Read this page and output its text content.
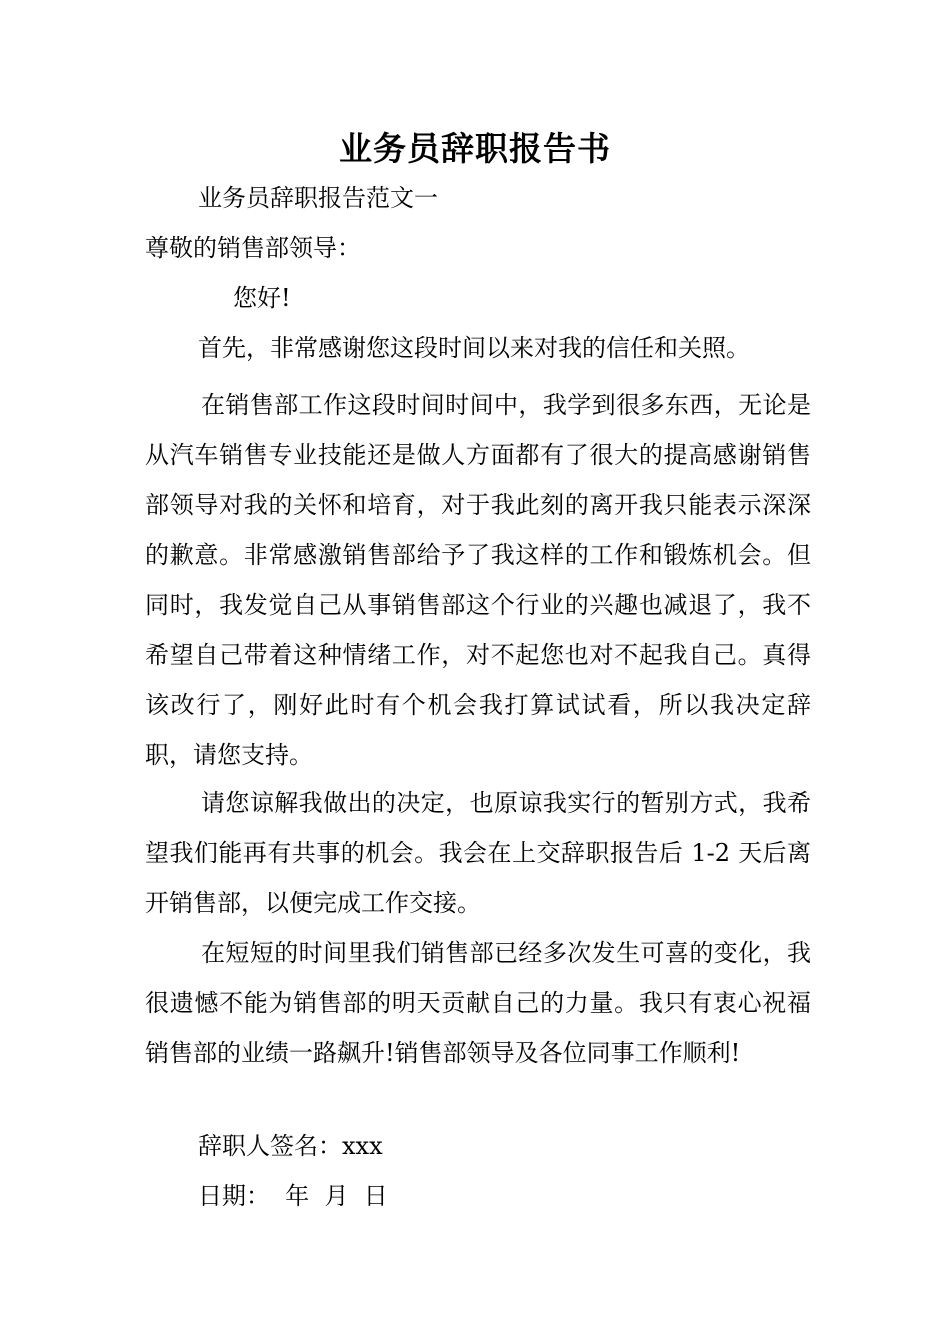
业务员辞职报告书
业务员辞职报告范文一
尊敬的销售部领导：
您好!
首先，非常感谢您这段时间以来对我的信任和关照。
在销售部工作这段时间时间中，我学到很多东西，无论是从汽车销售专业技能还是做人方面都有了很大的提高感谢销售部领导对我的关怀和培育，对于我此刻的离开我只能表示深深的歉意。非常感激销售部给予了我这样的工作和锻炼机会。但同时，我发觉自己从事销售部这个行业的兴趣也减退了，我不希望自己带着这种情绪工作，对不起您也对不起我自己。真得该改行了，刚好此时有个机会我打算试试看，所以我决定辞职，请您支持。
请您谅解我做出的决定，也原谅我实行的暂别方式，我希望我们能再有共事的机会。我会在上交辞职报告后 1-2 天后离开销售部，以便完成工作交接。
在短短的时间里我们销售部已经多次发生可喜的变化，我很遗憾不能为销售部的明天贡献自己的力量。我只有衷心祝福销售部的业绩一路飙升!销售部领导及各位同事工作顺利!
辞职人签名：xxx
日期：  年  月  日
